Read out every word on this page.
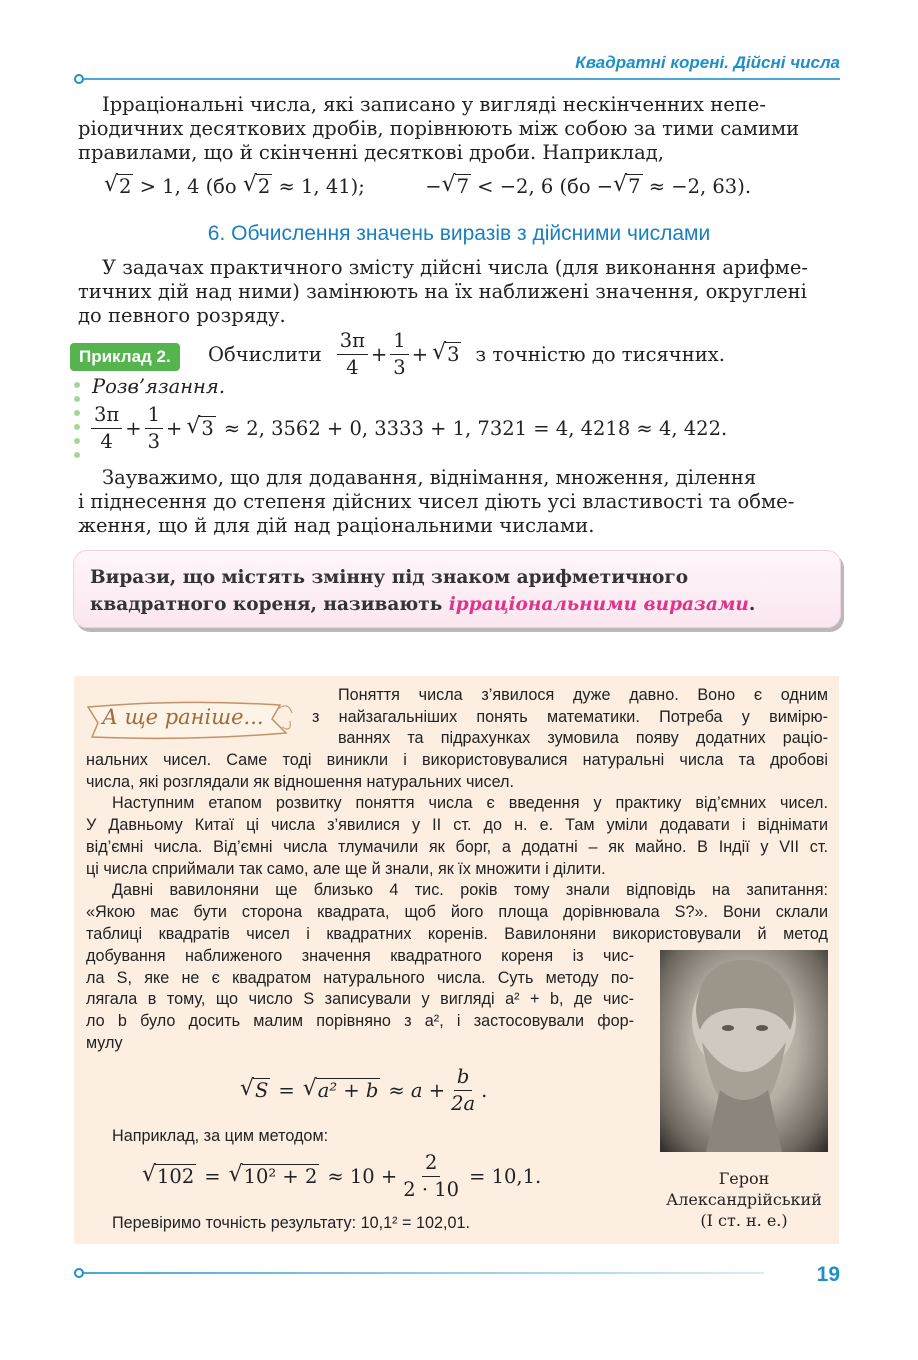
Квадратні корені. Дійсні числа
Ірраціональні числа, які записано у вигляді нескінченних непе-
ріодичних десяткових дробів, порівнюють між собою за тими самими
правилами, що й скінченні десяткові дроби. Наприклад,
√ 2 > 1, 4 (бо √ 2 ≈ 1, 41);	− √ 7 < −2, 6 (бо − √ 7 ≈ −2, 63).
6. Обчислення значень виразів з дійсними числами
У задачах практичного змісту дійсні числа (для виконання арифме-
тичних дій над ними) замінюють на їх наближені значення, округлені
до певного розряду.
Приклад 2.	Обчислити $\frac{3\pi}{4} + \frac{1}{3}$ + √ 3 з точністю до тисячних.
Розв’язання.
$\frac{3\pi}{4} + \frac{1}{3}$ + √ 3 ≈ 2, 3562 + 0, 3333 + 1, 7321 = 4, 4218 ≈ 4, 422.
Зауважимо, що для додавання, віднімання, множення, ділення
і піднесення до степеня дійсних чисел діють усі властивості та обме-
ження, що й для дій над раціональними числами.
Вирази, що містять змінну під знаком арифметичного квадратного кореня, називають ірраціональними виразами.
А ще раніше...
Поняття числа з’явилося дуже давно. Воно є одним
з найзагальніших понять математики. Потреба у вимірю-
ваннях та підрахунках зумовила появу додатних раціо-
нальних чисел. Саме тоді виникли і використовувалися натуральні числа та дробові
числа, які розглядали як відношення натуральних чисел.
Наступним етапом розвитку поняття числа є введення у практику від’ємних чисел.
У Давньому Китаї ці числа з’явилися у II ст. до н. е. Там уміли додавати і віднімати
від’ємні числа. Від’ємні числа тлумачили як борг, а додатні – як майно. В Індії у VII ст.
ці числа сприймали так само, але ще й знали, як їх множити і ділити.
Давні вавилоняни ще близько 4 тис. років тому знали відповідь на запитання:
«Якою має бути сторона квадрата, щоб його площа дорівнювала S?». Вони склали
таблиці квадратів чисел і квадратних коренів. Вавилоняни використовували й метод
добування наближеного значення квадратного кореня із чис-
ла S, яке не є квадратом натурального числа. Суть методу по-
лягала в тому, що число S записували у вигляді a² + b, де чис-
ло b було досить малим порівняно з a², і застосовували фор-
мулу
√ S =	√ $a^2 + b \approx a + \frac{b}{2a}$ .
Наприклад, за цим методом:
√ 102 =	√ $10^2 + 2 \approx 10 + \frac{2}{2 \cdot 10} = 10,1$.
Перевіримо точність результату: 10,1² = 102,01.
Герон
Александрійський
(I ст. н. е.)
19
